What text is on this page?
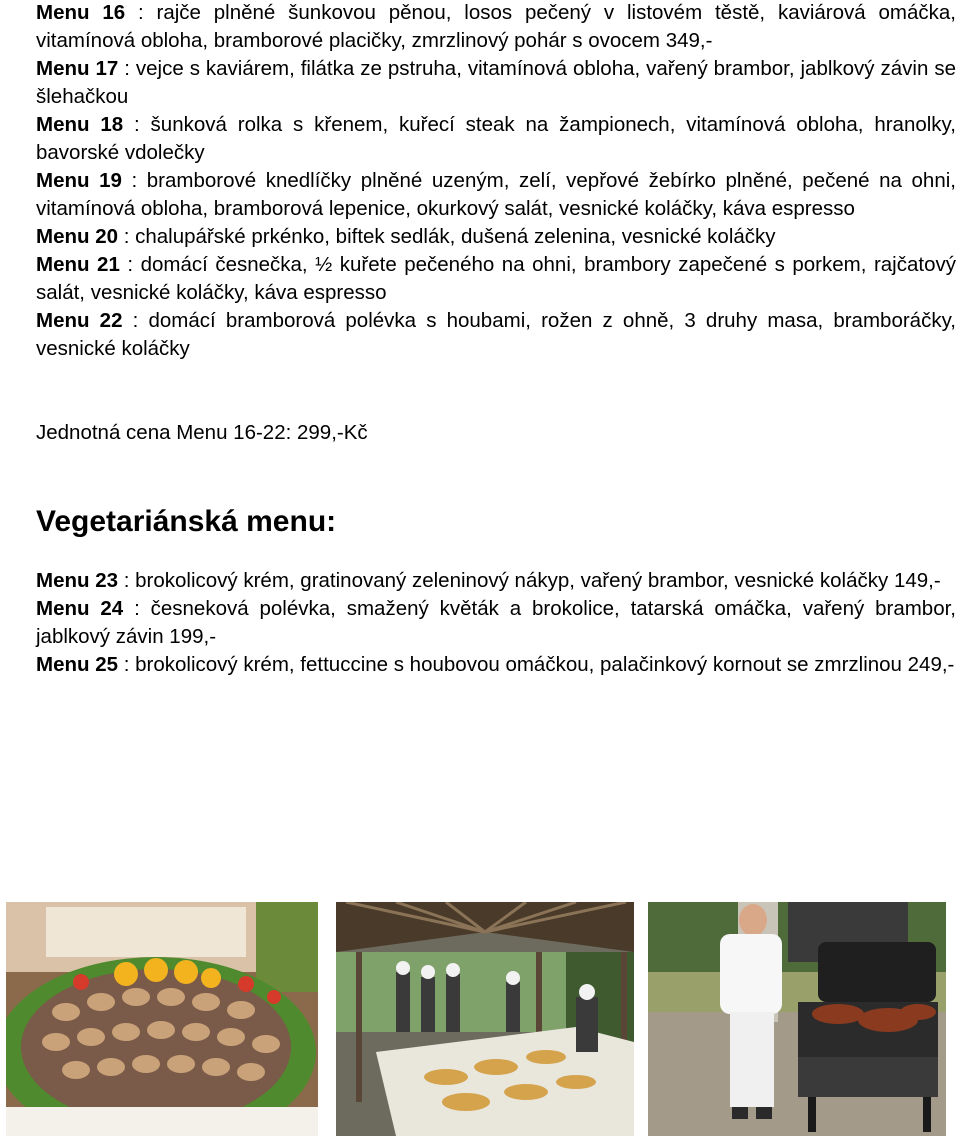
Menu 16 : rajče plněné šunkovou pěnou, losos pečený v listovém těstě, kaviárová omáčka, vitamínová obloha, bramborové placičky, zmrzlinový pohár s ovocem 349,-

Menu 17 : vejce s kaviárem, filátka ze pstruha, vitamínová obloha, vařený brambor, jablkový závin se šlehačkou

Menu 18 : šunková rolka s křenem, kuřecí steak na žampionech, vitamínová obloha, hranolky, bavorské vdolečky

Menu 19 : bramborové knedlíčky plněné uzeným, zelí, vepřové žebírko plněné, pečené na ohni, vitamínová obloha, bramborová lepenice, okurkový salát, vesnické koláčky, káva espresso

Menu 20 : chalupářské prkénko, biftek sedlák, dušená zelenina, vesnické koláčky

Menu 21 : domácí česnečka, ½ kuřete pečeného na ohni, brambory zapečené s porkem, rajčatový salát, vesnické koláčky, káva espresso

Menu 22 : domácí bramborová polévka s houbami, rožen z ohně, 3 druhy masa, bramboráčky, vesnické koláčky

Jednotná cena Menu 16-22: 299,-Kč
Vegetariánská menu:

Menu 23 : brokolicový krém, gratinovaný zeleninový nákyp, vařený brambor, vesnické koláčky 149,-

Menu 24 : česneková polévka, smažený květák a brokolice, tatarská omáčka, vařený brambor, jablkový závin 199,-

Menu 25 : brokolicový krém, fettuccine s houbovou omáčkou, palačinkový kornout se zmrzlinou 249,-
